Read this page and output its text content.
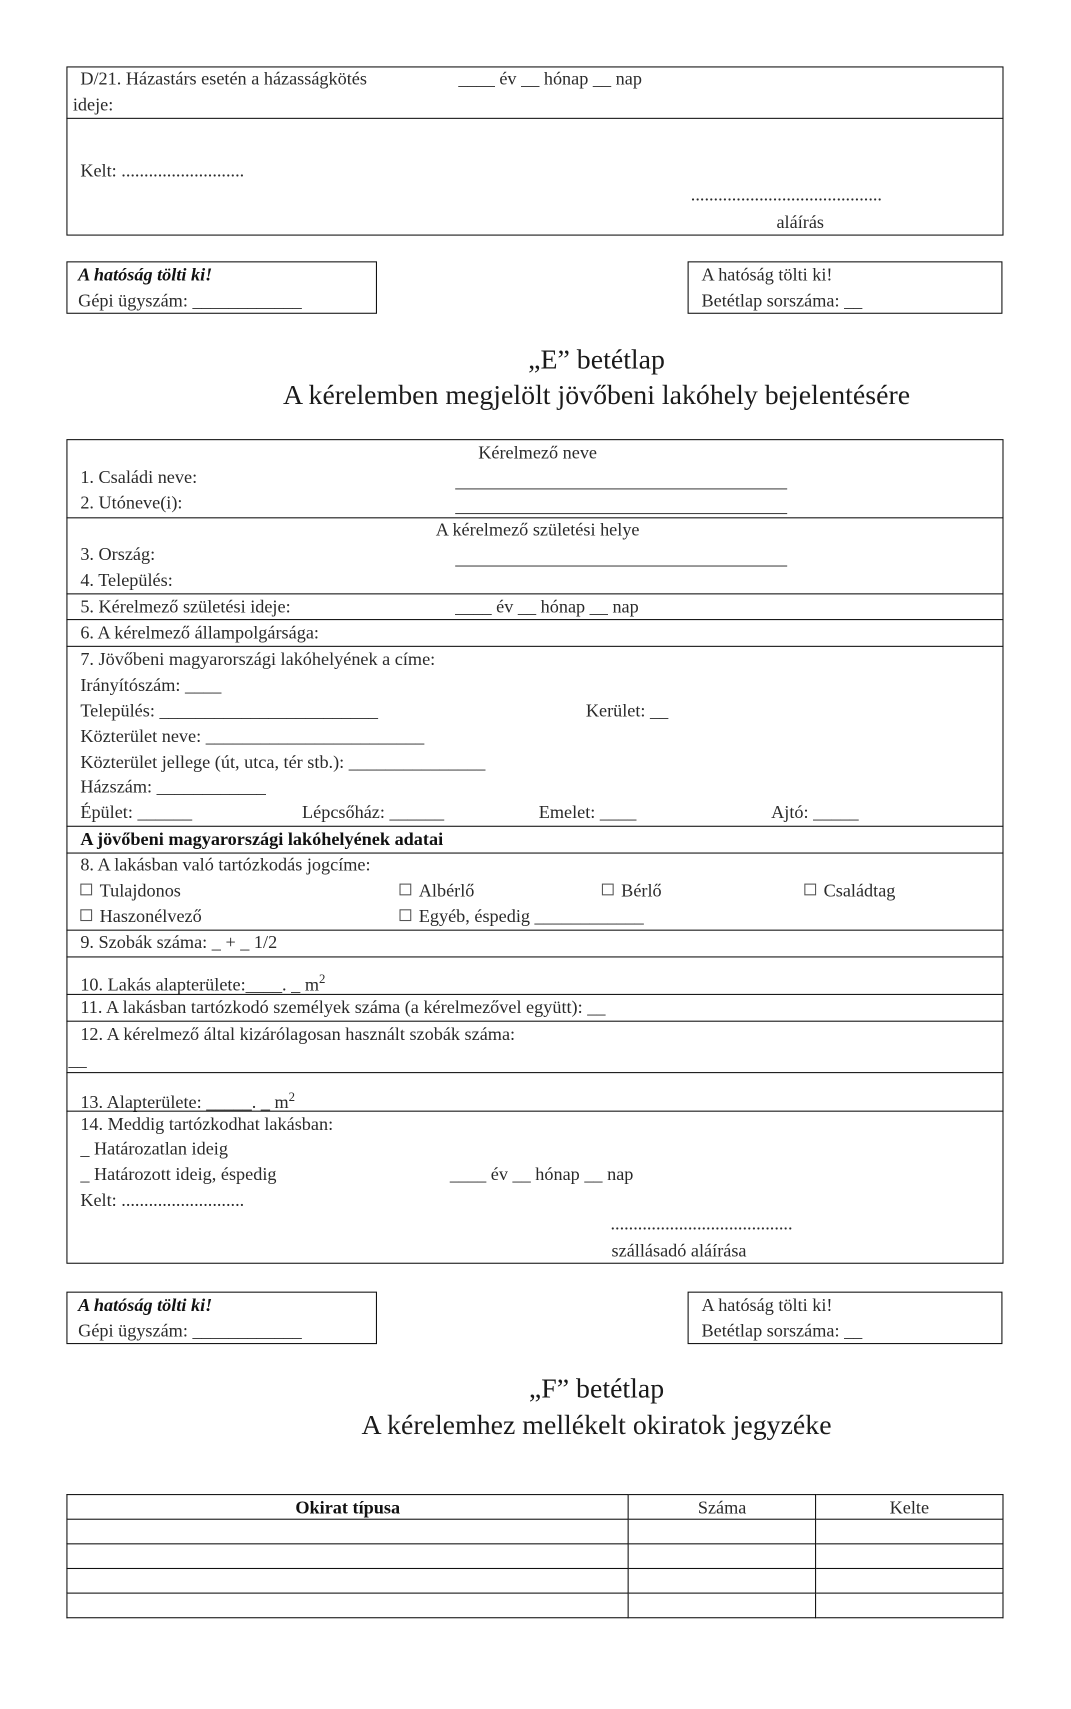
D/21. Házastárs esetén a házasságkötés	____ év __ hónap __ nap
ideje:
Kelt: ...........................
..........................................
aláírás
A hatóság tölti ki!
Gépi ügyszám: ____________
A hatóság tölti ki!
Betétlap sorszáma: __
„E” betétlap
A kérelemben megjelölt jövőbeni lakóhely bejelentésére
Kérelmező neve
1. Családi neve:
2. Utóneve(i):
A kérelmező születési helye
3. Ország:
4. Település:
5. Kérelmező születési ideje:	____ év __ hónap __ nap
6. A kérelmező állampolgársága:
7. Jövőbeni magyarországi lakóhelyének a címe:
Irányítószám: ____
Település: ________________________	Kerület: __
Közterület neve: ________________________
Közterület jellege (út, utca, tér stb.): _______________
Házszám: ____________
Épület: ______	Lépcsőház: ______	Emelet: ____	Ajtó: _____
A jövőbeni magyarországi lakóhelyének adatai
8. A lakásban való tartózkodás jogcíme:
Tulajdonos	Albérlő	Bérlő	Családtag
Haszonélvező	Egyéb, éspedig ____________
9. Szobák száma: _ + _ 1/2
10. Lakás alapterülete:____. _ $m^2$
11. A lakásban tartózkodó személyek száma (a kérelmezővel együtt): __
12. A kérelmező által kizárólagosan használt szobák száma:
__
13. Alapterülete: _____. _ $m^2$
14. Meddig tartózkodhat lakásban:
_ Határozatlan ideig
_ Határozott ideig, éspedig	____ év __ hónap __ nap
Kelt: ...........................
........................................
szállásadó aláírása
A hatóság tölti ki!
Gépi ügyszám: ____________
A hatóság tölti ki!
Betétlap sorszáma: __
„F” betétlap
A kérelemhez mellékelt okiratok jegyzéke
Okirat típusa	Száma	Kelte
